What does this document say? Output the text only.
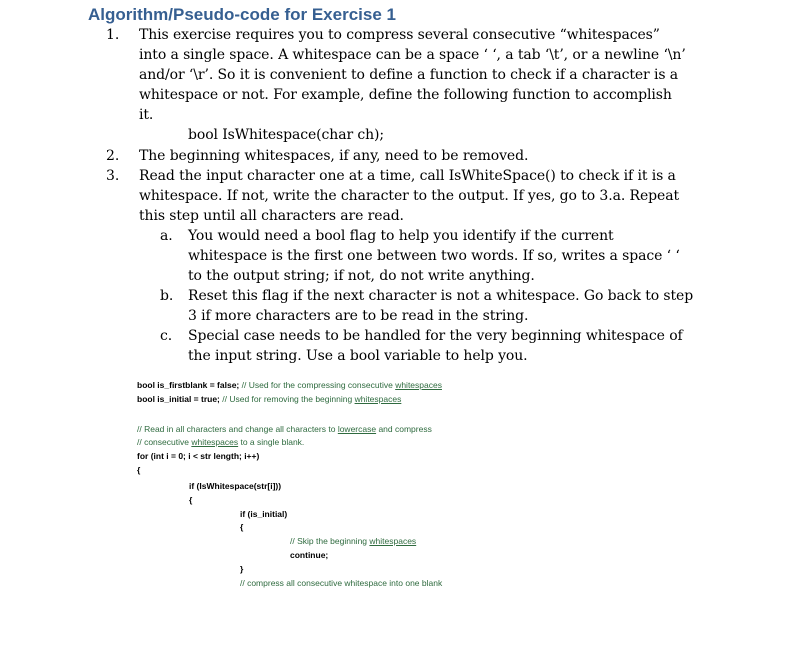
Algorithm/Pseudo-code for Exercise 1
1.	This exercise requires you to compress several consecutive “whitespaces”
into a single space. A whitespace can be a space ‘ ‘, a tab ‘\t’, or a newline ‘\n’
and/or ‘\r’. So it is convenient to define a function to check if a character is a
whitespace or not. For example, define the following function to accomplish
it.
bool IsWhitespace(char ch);
2.	The beginning whitespaces, if any, need to be removed.
3.	Read the input character one at a time, call IsWhiteSpace() to check if it is a
whitespace. If not, write the character to the output. If yes, go to 3.a. Repeat
this step until all characters are read.
a. You would need a bool flag to help you identify if the current
whitespace is the first one between two words. If so, writes a space ‘ ‘
to the output string; if not, do not write anything.
b. Reset this flag if the next character is not a whitespace. Go back to step
3 if more characters are to be read in the string.
c. Special case needs to be handled for the very beginning whitespace of
the input string. Use a bool variable to help you.
bool is_firstblank = false; // Used for the compressing consecutive whitespaces
bool is_initial = true; // Used for removing the beginning whitespaces
// Read in all characters and change all characters to lowercase and compress
// consecutive whitespaces to a single blank.
for (int i = 0; i < str length; i++)
{
if (IsWhitespace(str[i]))
{
if (is_initial)
{
// Skip the beginning whitespaces
continue;
}
// compress all consecutive whitespace into one blank
